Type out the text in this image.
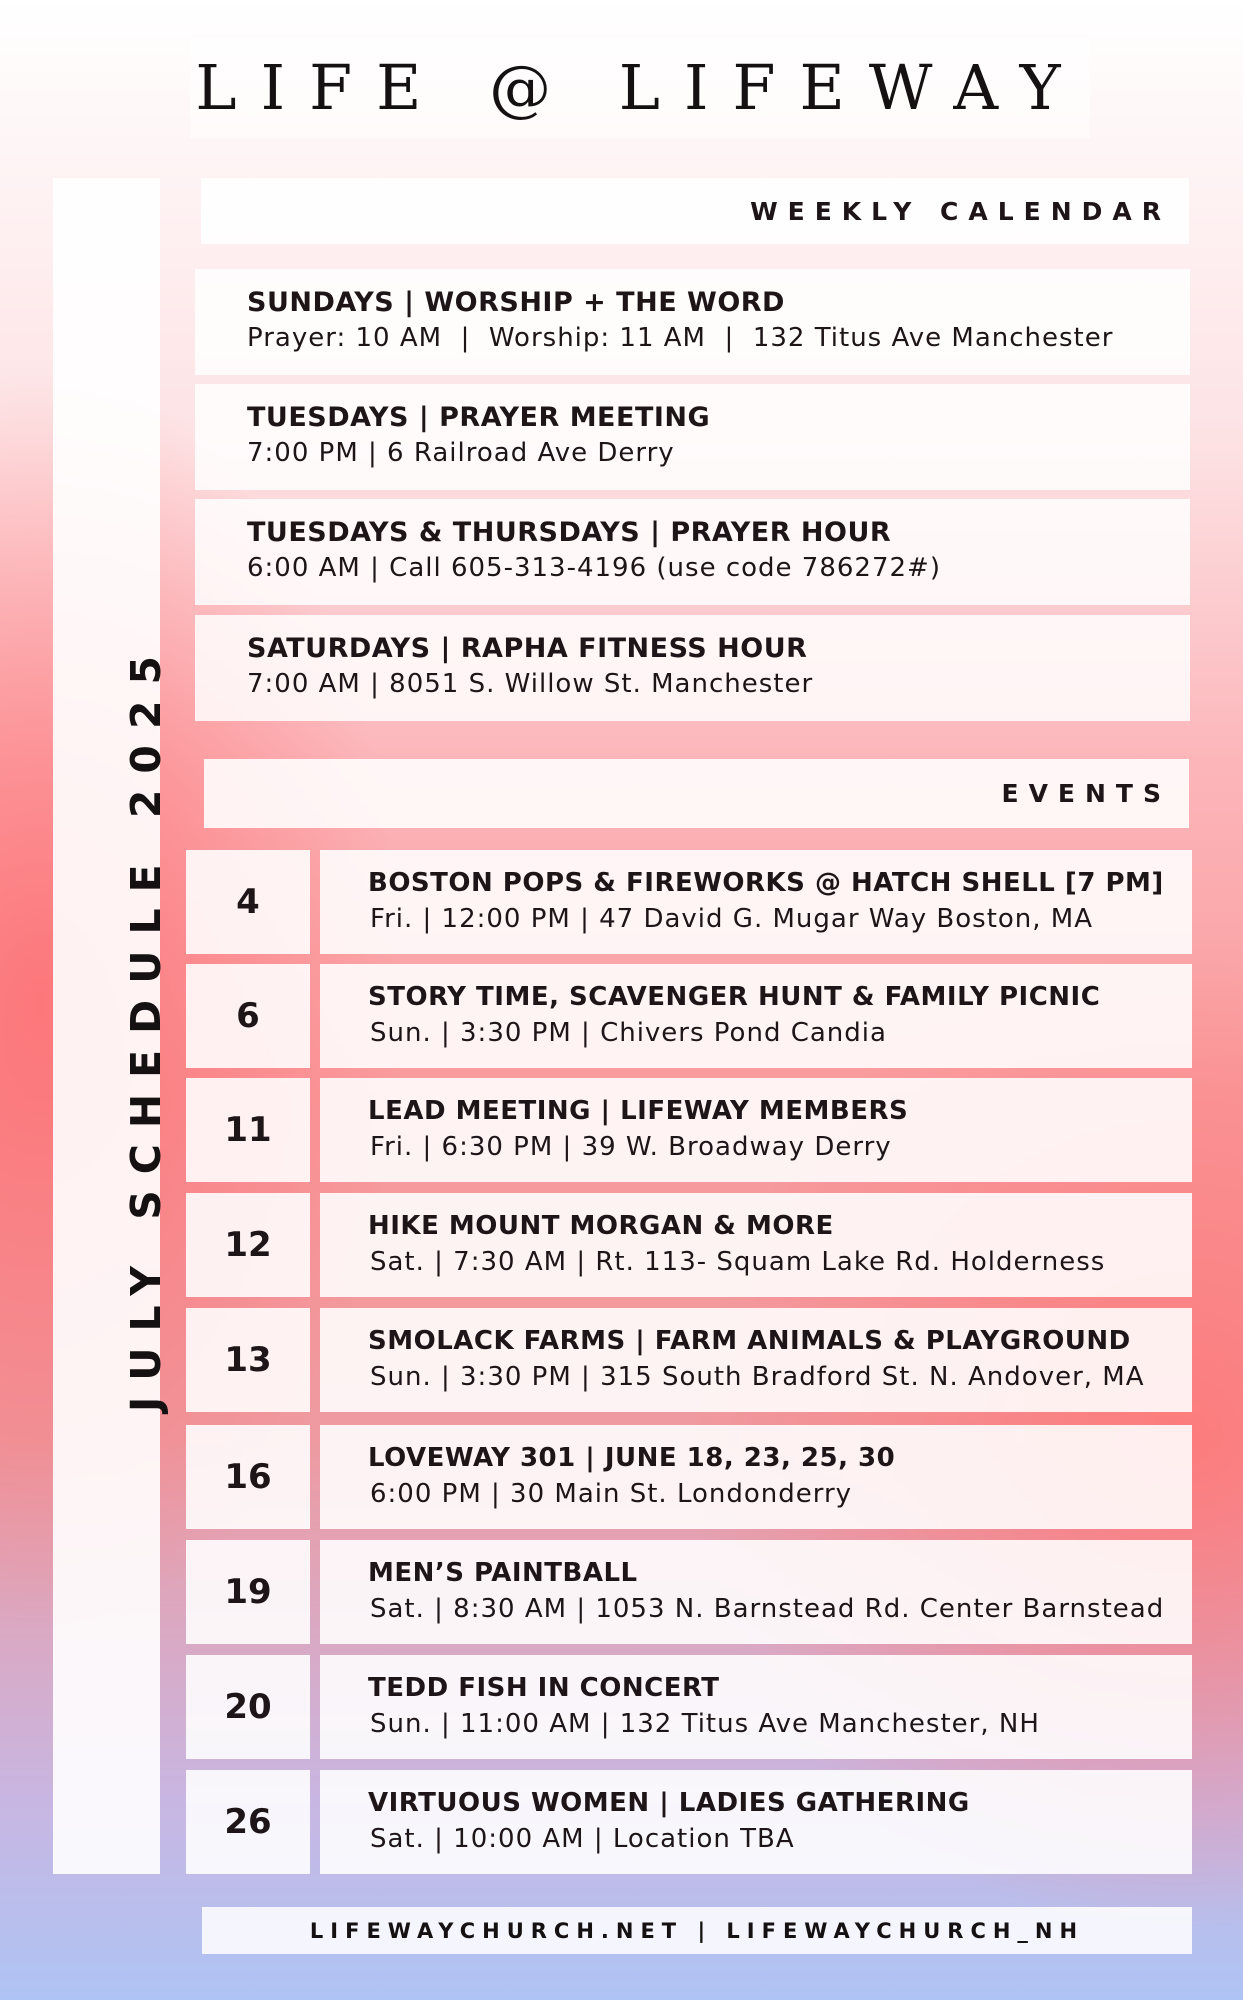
LIFE @ LIFEWAY
JULY SCHEDULE 2025
WEEKLY CALENDAR
SUNDAYS | WORSHIP + THE WORD
Prayer: 10 AM  |  Worship: 11 AM  |  132 Titus Ave Manchester
TUESDAYS | PRAYER MEETING
7:00 PM | 6 Railroad Ave Derry
TUESDAYS & THURSDAYS | PRAYER HOUR
6:00 AM | Call 605-313-4196 (use code 786272#)
SATURDAYS | RAPHA FITNESS HOUR
7:00 AM | 8051 S. Willow St. Manchester
EVENTS
4	BOSTON POPS & FIREWORKS @ HATCH SHELL [7 PM]
Fri. | 12:00 PM | 47 David G. Mugar Way Boston, MA
6	STORY TIME, SCAVENGER HUNT & FAMILY PICNIC
Sun. | 3:30 PM | Chivers Pond Candia
11	LEAD MEETING | LIFEWAY MEMBERS
Fri. | 6:30 PM | 39 W. Broadway Derry
12	HIKE MOUNT MORGAN & MORE
Sat. | 7:30 AM | Rt. 113- Squam Lake Rd. Holderness
13	SMOLACK FARMS | FARM ANIMALS & PLAYGROUND
Sun. | 3:30 PM | 315 South Bradford St. N. Andover, MA
16	LOVEWAY 301 | JUNE 18, 23, 25, 30
6:00 PM | 30 Main St. Londonderry
19	MEN’S PAINTBALL
Sat. | 8:30 AM | 1053 N. Barnstead Rd. Center Barnstead
20	TEDD FISH IN CONCERT
Sun. | 11:00 AM | 132 Titus Ave Manchester, NH
26	VIRTUOUS WOMEN | LADIES GATHERING
Sat. | 10:00 AM | Location TBA
LIFEWAYCHURCH.NET | LIFEWAYCHURCH_NH
